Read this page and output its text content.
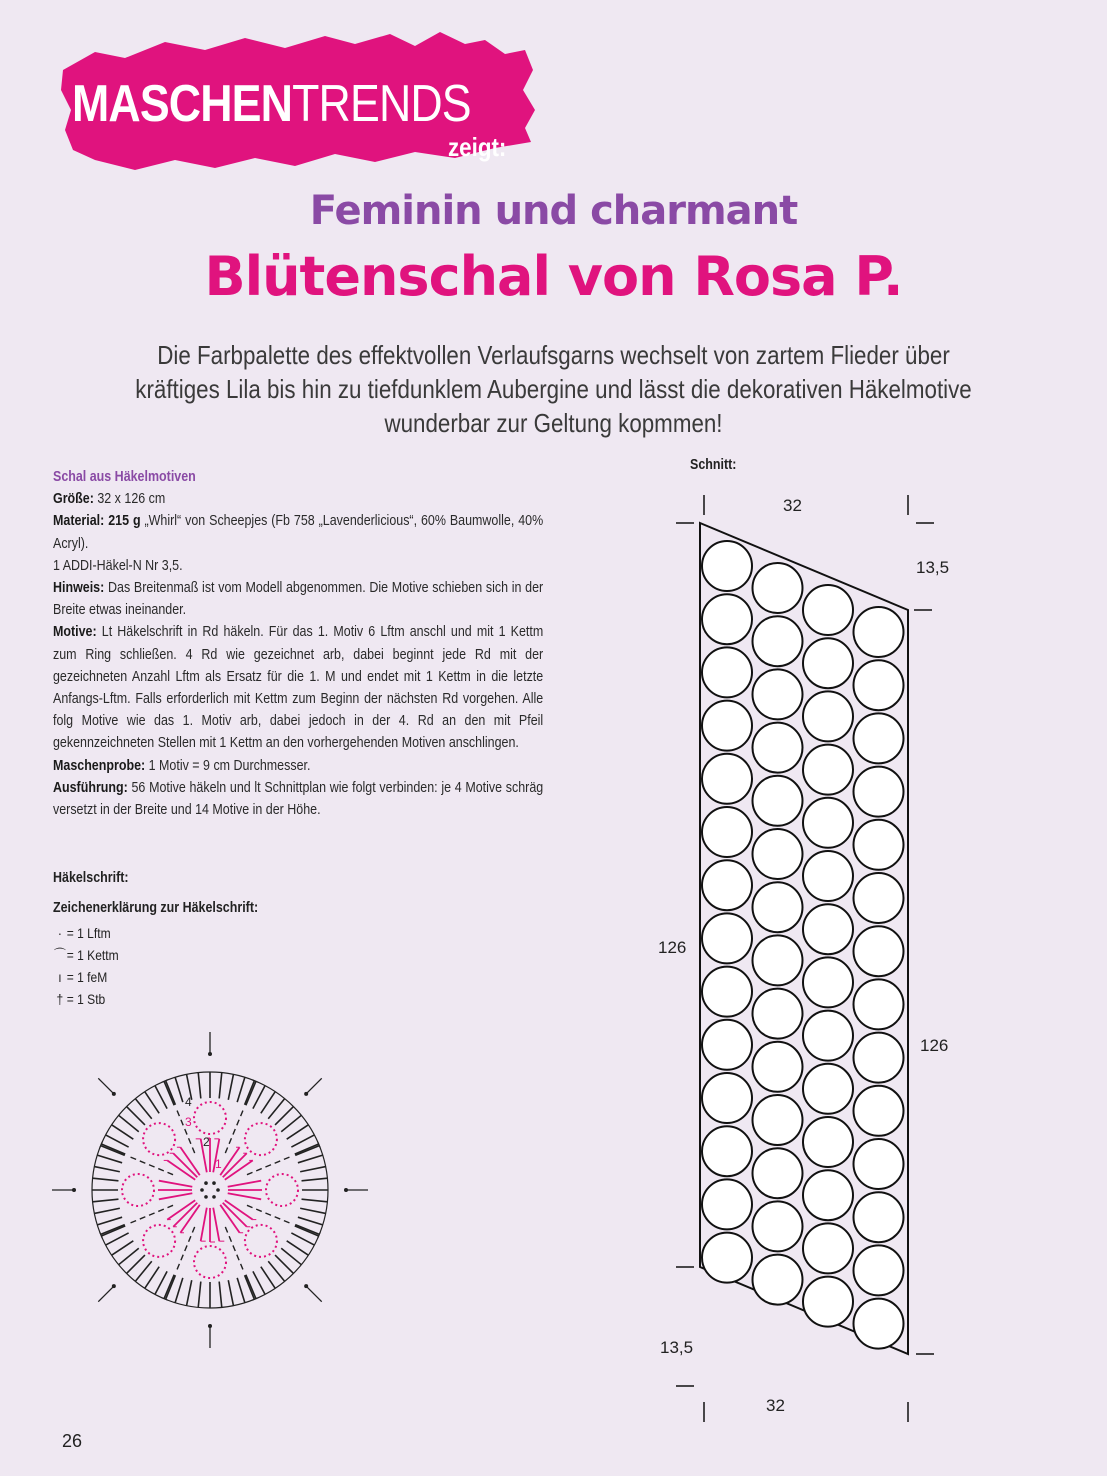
MASCHENTRENDS
zeigt:
Feminin und charmant
Blütenschal von Rosa P.
Die Farbpalette des effektvollen Verlaufsgarns wechselt von zartem Flieder über kräftiges Lila bis hin zu tiefdunklem Aubergine und lässt die dekorativen Häkelmotive wunderbar zur Geltung kopmmen!

Schal aus Häkelmotiven

Größe: 32 x 126 cm

Material: 215 g „Whirl“ von Scheepjes (Fb 758 „Lavenderlicious“, 60% Baumwolle, 40% Acryl).

1 ADDI-Häkel-N Nr 3,5.

Hinweis: Das Breitenmaß ist vom Modell abgenommen. Die Motive schieben sich in der Breite etwas ineinander.

Motive: Lt Häkelschrift in Rd häkeln. Für das 1. Motiv 6 Lftm anschl und mit 1 Kettm zum Ring schließen. 4 Rd wie gezeichnet arb, dabei beginnt jede Rd mit der gezeichneten Anzahl Lftm als Ersatz für die 1. M und endet mit 1 Kettm in die letzte Anfangs-Lftm. Falls erforderlich mit Kettm zum Beginn der nächsten Rd vorgehen. Alle folg Motive wie das 1. Motiv arb, dabei jedoch in der 4. Rd an den mit Pfeil gekennzeichneten Stellen mit 1 Kettm an den vorhergehenden Motiven anschlingen.

Maschenprobe: 1 Motiv = 9 cm Durchmesser.

Ausführung: 56 Motive häkeln und lt Schnittplan wie folgt verbinden: je 4 Motive schräg versetzt in der Breite und 14 Motive in der Höhe.

Häkelschrift:
Zeichenerklärung zur Häkelschrift:
· = 1 Lftm
⌒= 1 Kettm
ı = 1 feM
† = 1 Stb
1
2
3
4
Schnitt:
32
13,5
126
126
13,5
32
26
